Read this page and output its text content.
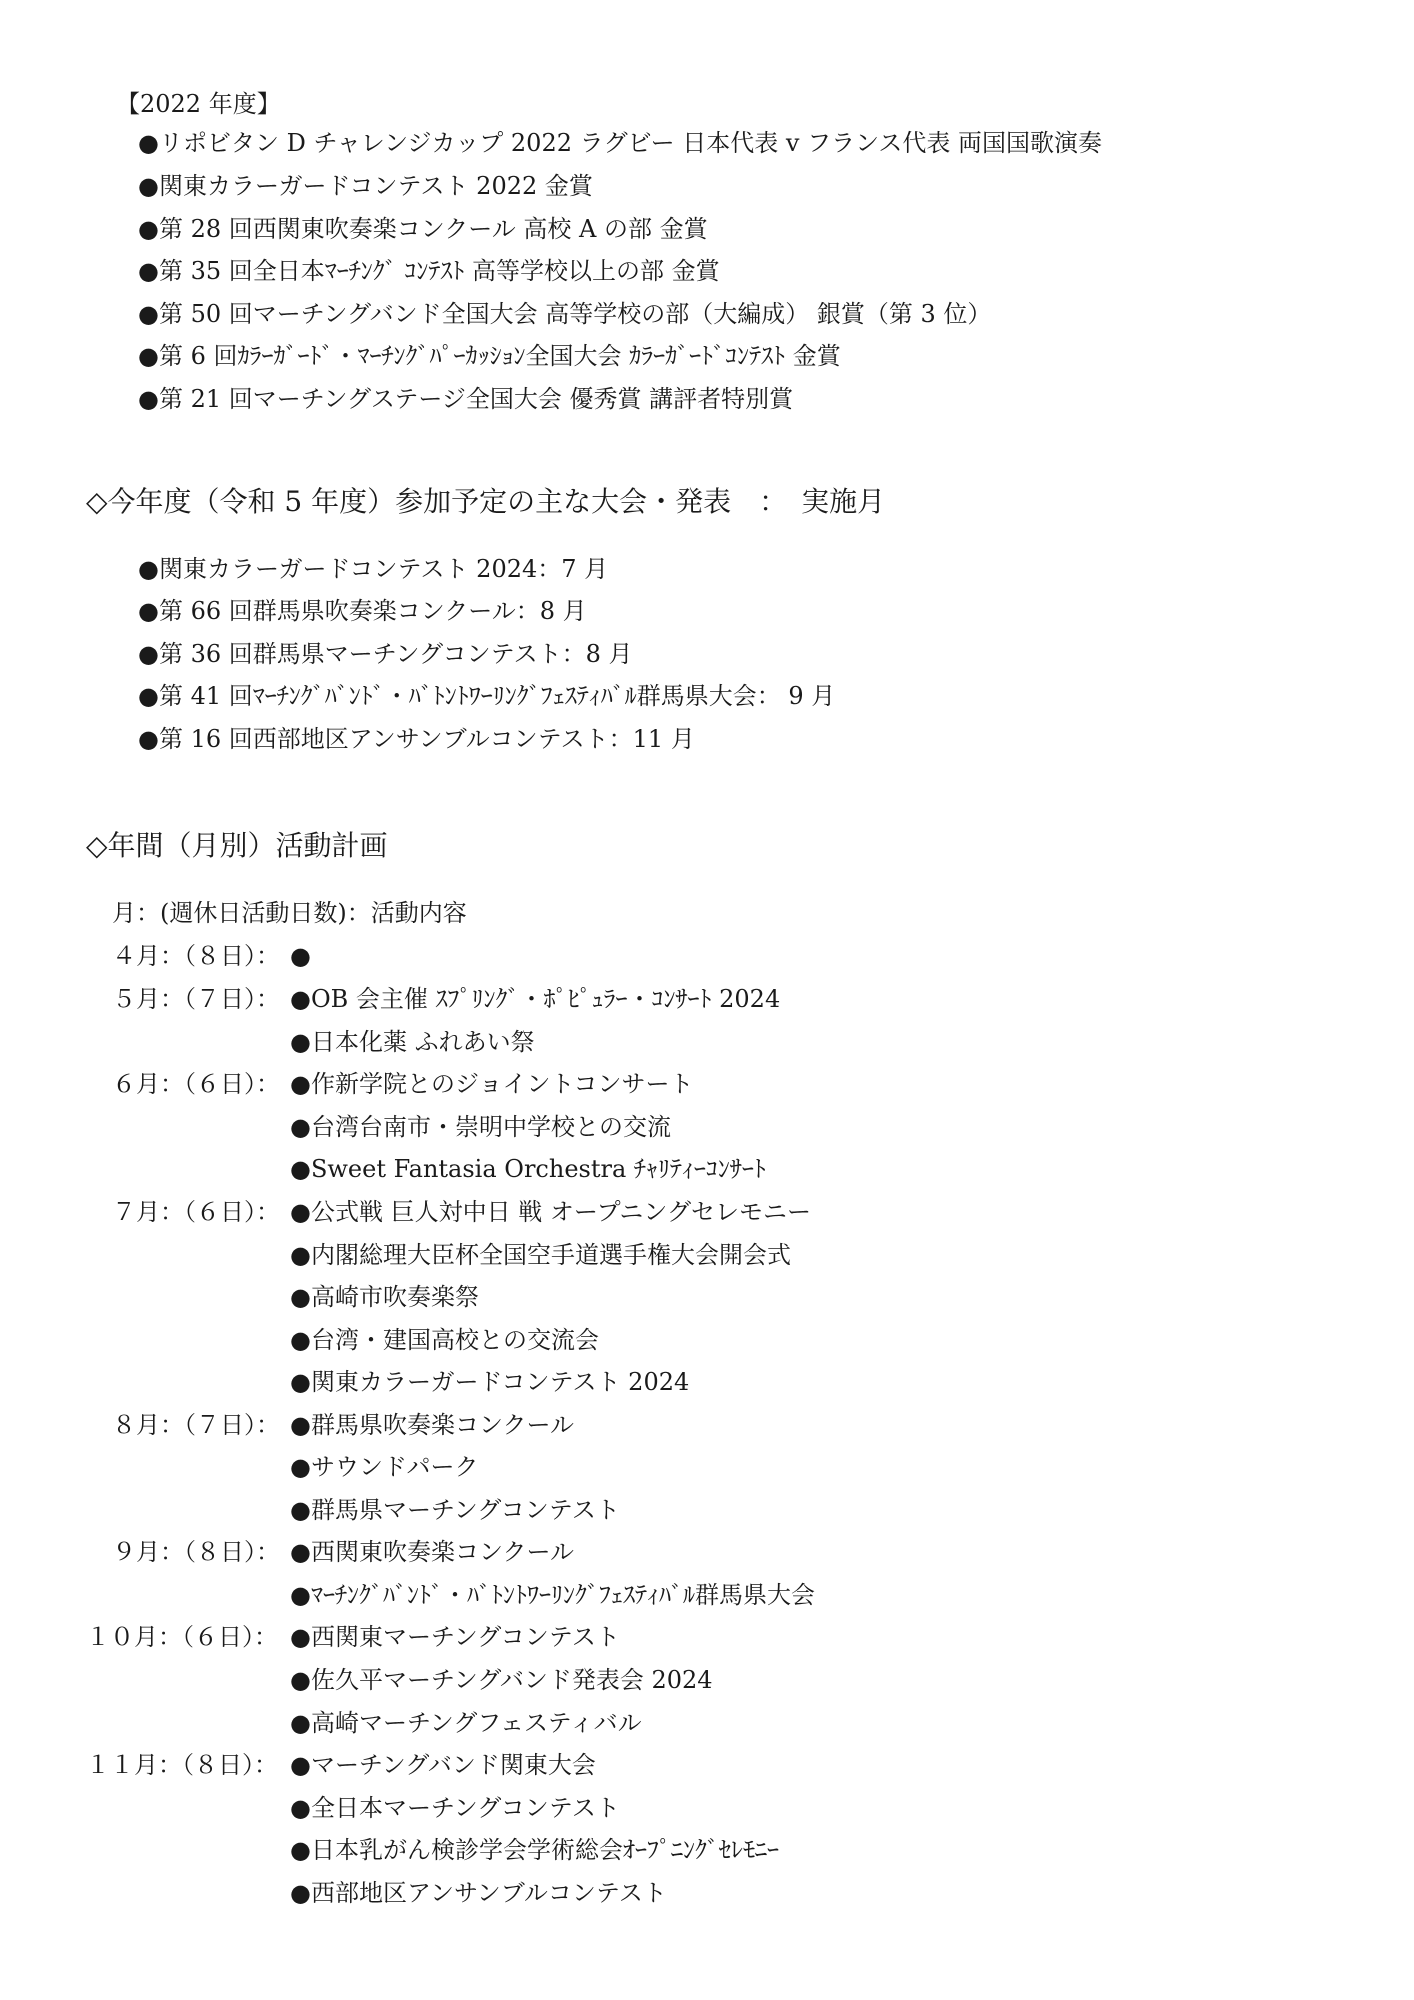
【2022 年度】
●リポビタン D チャレンジカップ 2022 ラグビー 日本代表 v フランス代表 両国国歌演奏
●関東カラーガードコンテスト 2022 金賞
●第 28 回西関東吹奏楽コンクール 高校 A の部 金賞
●第 35 回全日本ﾏｰﾁﾝｸﾞ ｺﾝﾃｽﾄ 高等学校以上の部 金賞
●第 50 回マーチングバンド全国大会 高等学校の部（大編成） 銀賞（第 3 位）
●第 6 回ｶﾗｰｶﾞｰﾄﾞ・ﾏｰﾁﾝｸﾞﾊﾟｰｶｯｼｮﾝ全国大会 ｶﾗｰｶﾞｰﾄﾞｺﾝﾃｽﾄ 金賞
●第 21 回マーチングステージ全国大会 優秀賞 講評者特別賞
◇今年度（令和 5 年度）参加予定の主な大会・発表　：　実施月
●関東カラーガードコンテスト 2024：7 月
●第 66 回群馬県吹奏楽コンクール：8 月
●第 36 回群馬県マーチングコンテスト：8 月
●第 41 回ﾏｰﾁﾝｸﾞﾊﾞﾝﾄﾞ・ﾊﾞﾄﾝﾄﾜｰﾘﾝｸﾞﾌｪｽﾃｨﾊﾞﾙ群馬県大会： 9 月
●第 16 回西部地区アンサンブルコンテスト：11 月
◇年間（月別）活動計画
月：(週休日活動日数)：活動内容
４月：（８日）： ●
５月：（７日）： ●OB 会主催 ｽﾌﾟﾘﾝｸﾞ・ﾎﾟﾋﾟｭﾗｰ・ｺﾝｻｰﾄ 2024
●日本化薬 ふれあい祭
６月：（６日）： ●作新学院とのジョイントコンサート
●台湾台南市・崇明中学校との交流
●Sweet Fantasia Orchestra ﾁｬﾘﾃｨｰｺﾝｻｰﾄ
７月：（６日）： ●公式戦 巨人対中日 戦 オープニングセレモニー
●内閣総理大臣杯全国空手道選手権大会開会式
●高崎市吹奏楽祭
●台湾・建国高校との交流会
●関東カラーガードコンテスト 2024
８月：（７日）： ●群馬県吹奏楽コンクール
●サウンドパーク
●群馬県マーチングコンテスト
９月：（８日）： ●西関東吹奏楽コンクール
●ﾏｰﾁﾝｸﾞﾊﾞﾝﾄﾞ・ﾊﾞﾄﾝﾄﾜｰﾘﾝｸﾞﾌｪｽﾃｨﾊﾞﾙ群馬県大会
１０月：（６日）： ●西関東マーチングコンテスト
●佐久平マーチングバンド発表会 2024
●高崎マーチングフェスティバル
１１月：（８日）： ●マーチングバンド関東大会
●全日本マーチングコンテスト
●日本乳がん検診学会学術総会ｵｰﾌﾟﾆﾝｸﾞｾﾚﾓﾆｰ
●西部地区アンサンブルコンテスト
